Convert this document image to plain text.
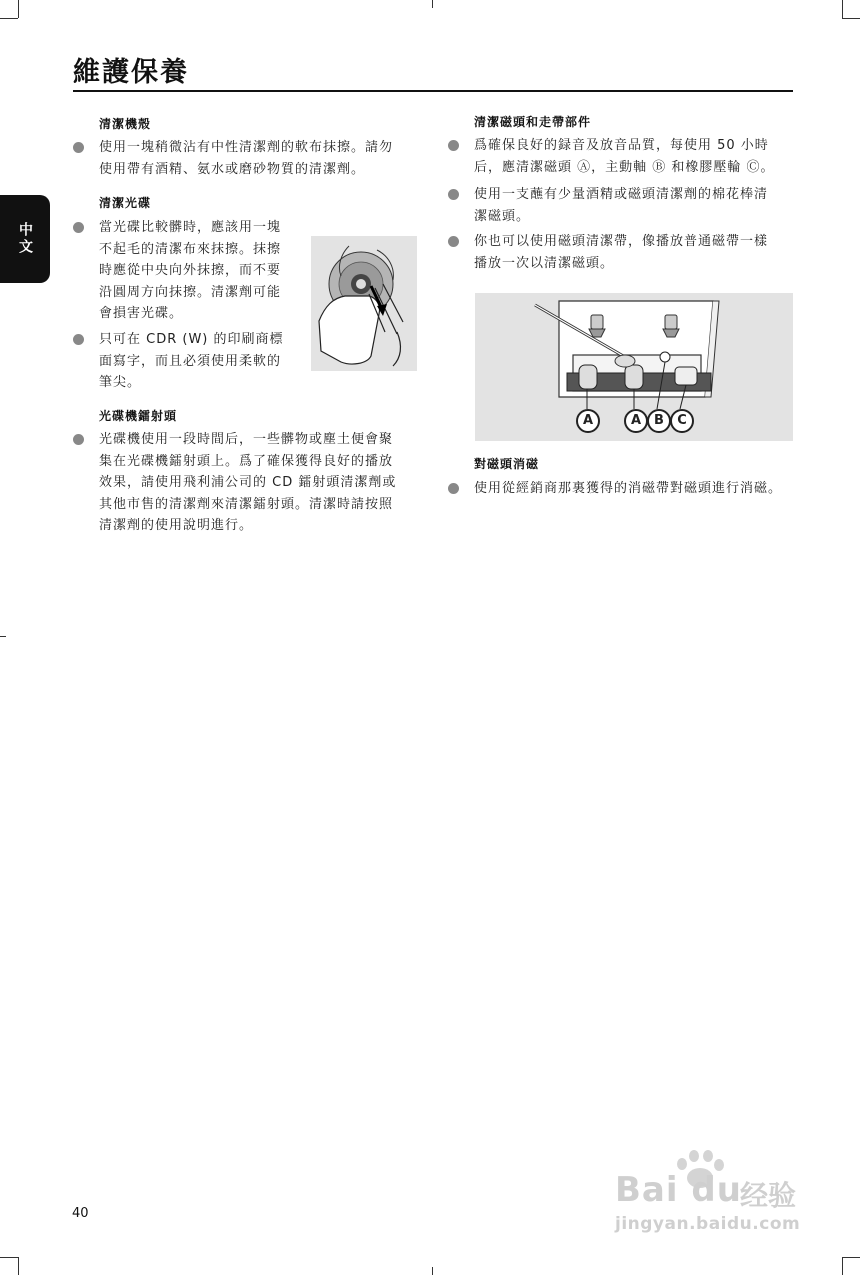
維護保養
中文
清潔機殼

使用一塊稍微沾有中性清潔劑的軟布抹擦。請勿

使用帶有酒精、氨水或磨砂物質的清潔劑。

清潔光碟

當光碟比較髒時，應該用一塊

不起毛的清潔布來抹擦。抹擦

時應從中央向外抹擦，而不要

沿圓周方向抹擦。清潔劑可能

會損害光碟。

只可在 CDR (W) 的印刷商標

面寫字，而且必須使用柔軟的

筆尖。

光碟機鐳射頭

光碟機使用一段時間后，一些髒物或塵土便會聚

集在光碟機鐳射頭上。爲了確保獲得良好的播放

效果，請使用飛利浦公司的 CD 鐳射頭清潔劑或

其他市售的清潔劑來清潔鐳射頭。清潔時請按照

清潔劑的使用說明進行。

清潔磁頭和走帶部件

爲確保良好的録音及放音品質，每使用 50 小時

后，應清潔磁頭 Ⓐ，主動軸 Ⓑ 和橡膠壓輪 Ⓒ。

使用一支蘸有少量酒精或磁頭清潔劑的棉花棒清

潔磁頭。

你也可以使用磁頭清潔帶，像播放普通磁帶一樣

播放一次以清潔磁頭。

A	A	B	C
對磁頭消磁

使用從經銷商那裏獲得的消磁帶對磁頭進行消磁。

40
Bai du
经验
jingyan.baidu.com
